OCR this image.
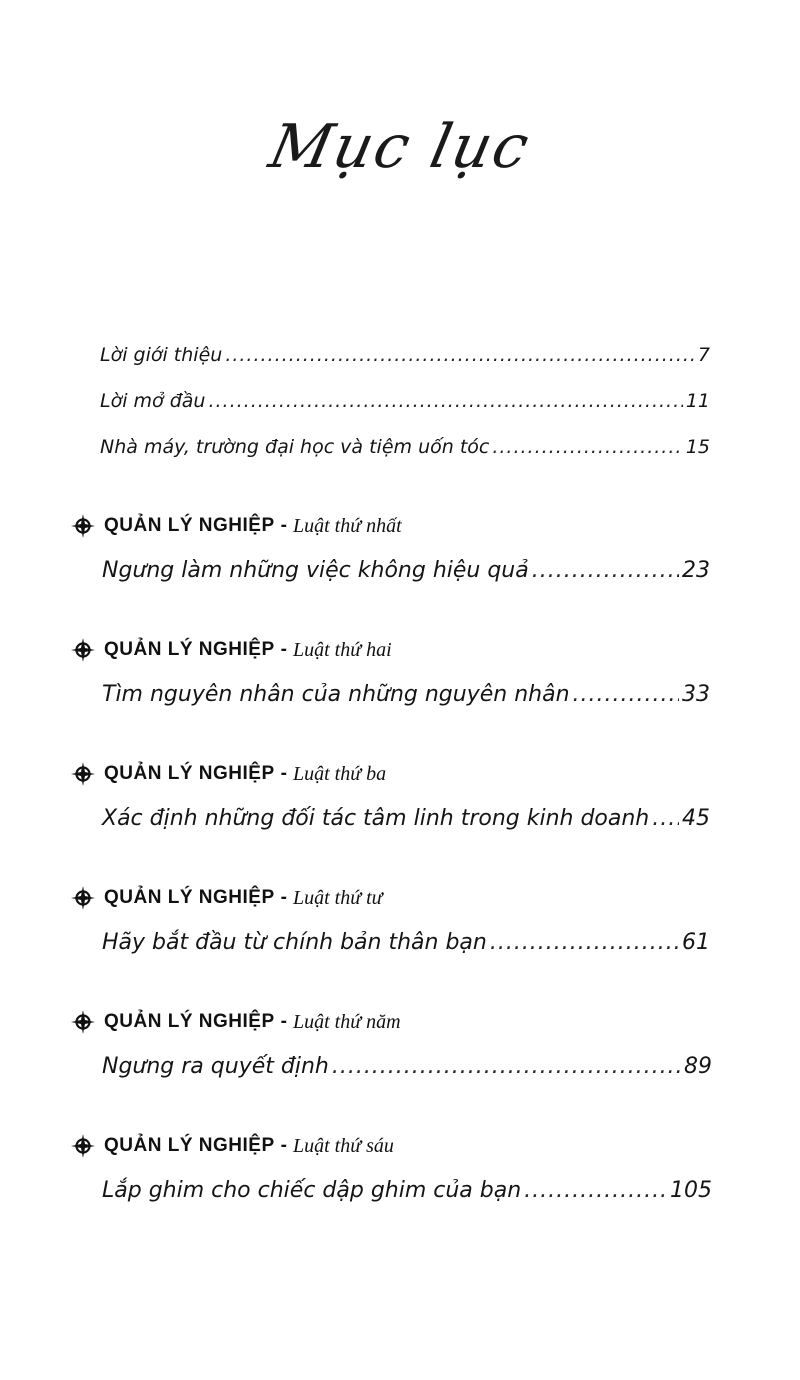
Mục lục
Lời giới thiệu .....	7
Lời mở đầu .....	11
Nhà máy, trường đại học và tiệm uốn tóc .....	15
QUẢN LÝ NGHIỆP - Luật thứ nhất
Ngưng làm những việc không hiệu quả .....	23
QUẢN LÝ NGHIỆP - Luật thứ hai
Tìm nguyên nhân của những nguyên nhân .....	33
QUẢN LÝ NGHIỆP - Luật thứ ba
Xác định những đối tác tâm linh trong kinh doanh ..... 45
QUẢN LÝ NGHIỆP - Luật thứ tư
Hãy bắt đầu từ chính bản thân bạn .....	61
QUẢN LÝ NGHIỆP - Luật thứ năm
Ngưng ra quyết định .....	89
QUẢN LÝ NGHIỆP - Luật thứ sáu
Lắp ghim cho chiếc dập ghim của bạn .....	105
